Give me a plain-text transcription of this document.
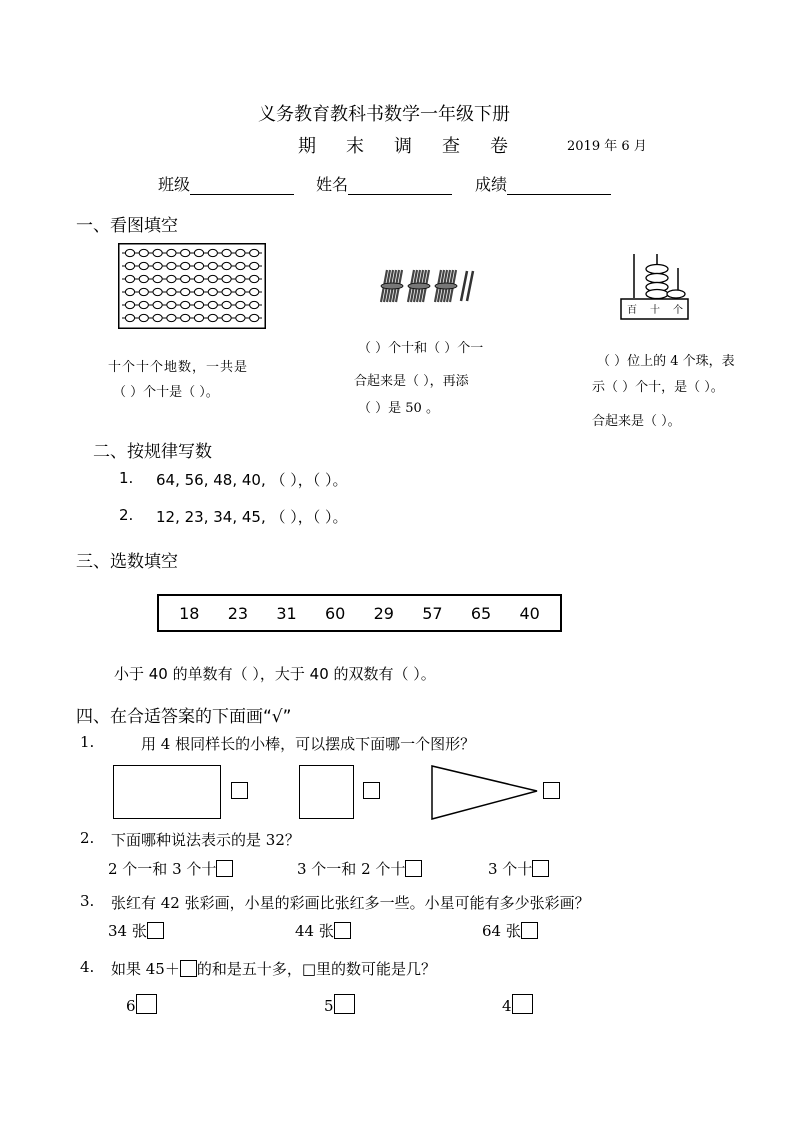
义务教育教科书数学一年级下册
期末调查卷 2019 年 6 月
班级	姓名	成绩
一、看图填空
十个十个地数，一共是
（ ）个十是（ ）。
（ ）个十和（ ）个一
合起来是（ ），再添
（ ）是 50 。
百 十 个
（ ）位上的 4 个珠，表
示（ ）个十，是（ ）。
合起来是（ ）。
二、按规律写数
1. 64, 56, 48, 40, （ ），（ ）。
2. 12, 23, 34, 45, （ ），（ ）。
三、选数填空
18 23 31 60 29 57 65 40
小于 40 的单数有（ ），大于 40 的双数有（ ）。
四、在合适答案的下面画“√”
1.	用 4 根同样长的小棒，可以摆成下面哪一个图形？
2. 下面哪种说法表示的是 32？
2 个一和 3 个十	3 个一和 2 个十	3 个十
3. 张红有 42 张彩画，小星的彩画比张红多一些。小星可能有多少张彩画？
34 张	44 张	64 张
4. 如果 45＋ 的和是五十多，□里的数可能是几？
6	5	4
